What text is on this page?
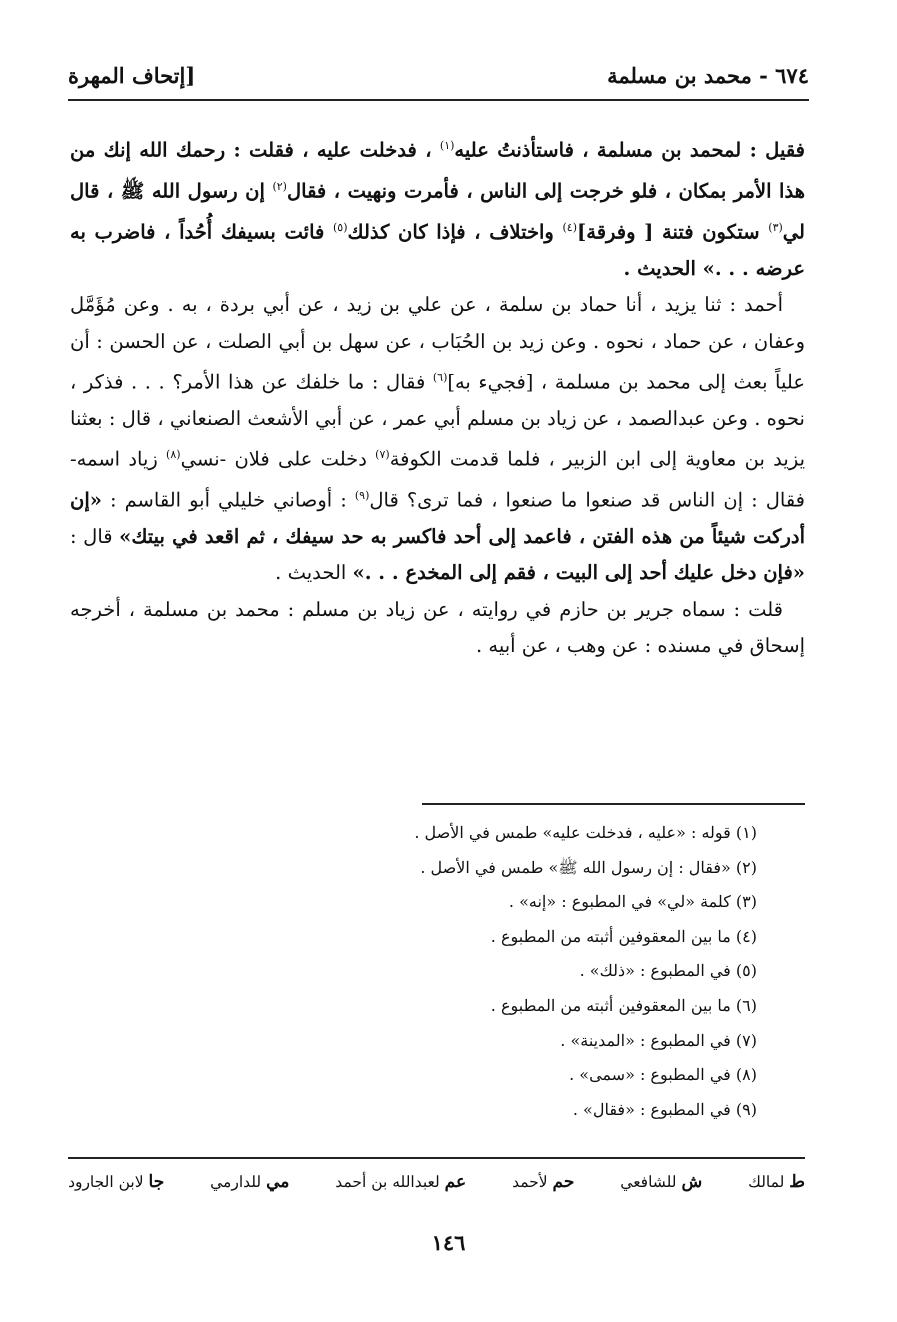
٦٧٤ - محمد بن مسلمة
[إتحاف المهرة

فقيل : لمحمد بن مسلمة ، فاستأذنتُ عليه$^{(١)}$ ، فدخلت عليه ، فقلت : رحمك الله إنك من هذا الأمر بمكان ، فلو خرجت إلى الناس ، فأمرت ونهيت ، فقال$^{(٢)}$ إن رسول الله ﷺ ، قال لي$^{(٣)}$ ستكون فتنة [ وفرقة]$^{(٤)}$ واختلاف ، فإذا كان كذلك$^{(٥)}$ فائت بسيفك أُحُداً ، فاضرب به عرضه . . .» الحديث .

أحمد : ثنا يزيد ، أنا حماد بن سلمة ، عن علي بن زيد ، عن أبي بردة ، به . وعن مُؤَمَّل وعفان ، عن حماد ، نحوه . وعن زيد بن الحُبَاب ، عن سهل بن أبي الصلت ، عن الحسن : أن علياً بعث إلى محمد بن مسلمة ، [فجيء به]$^{(٦)}$ فقال : ما خلفك عن هذا الأمر؟ . . . فذكر ، نحوه . وعن عبدالصمد ، عن زياد بن مسلم أبي عمر ، عن أبي الأشعث الصنعاني ، قال : بعثنا يزيد بن معاوية إلى ابن الزبير ، فلما قدمت الكوفة$^{(٧)}$ دخلت على فلان -نسي$^{(٨)}$ زياد اسمه- فقال : إن الناس قد صنعوا ما صنعوا ، فما ترى؟ قال$^{(٩)}$ : أوصاني خليلي أبو القاسم : «إن أدركت شيئاً من هذه الفتن ، فاعمد إلى أحد فاكسر به حد سيفك ، ثم اقعد في بيتك» قال : «فإن دخل عليك أحد إلى البيت ، فقم إلى المخدع . . .» الحديث .

قلت : سماه جرير بن حازم في روايته ، عن زياد بن مسلم : محمد بن مسلمة ، أخرجه إسحاق في مسنده : عن وهب ، عن أبيه .

(١) قوله : «عليه ، فدخلت عليه» طمس في الأصل .
(٢) «فقال : إن رسول الله ﷺ» طمس في الأصل .
(٣) كلمة «لي» في المطبوع : «إنه» .
(٤) ما بين المعقوفين أثبته من المطبوع .
(٥) في المطبوع : «ذلك» .
(٦) ما بين المعقوفين أثبته من المطبوع .
(٧) في المطبوع : «المدينة» .
(٨) في المطبوع : «سمى» .
(٩) في المطبوع : «فقال» .
ط لمالك
ش للشافعي
حم لأحمد
عم لعبدالله بن أحمد
مي للدارمي
جا لابن الجارود
١٤٦
